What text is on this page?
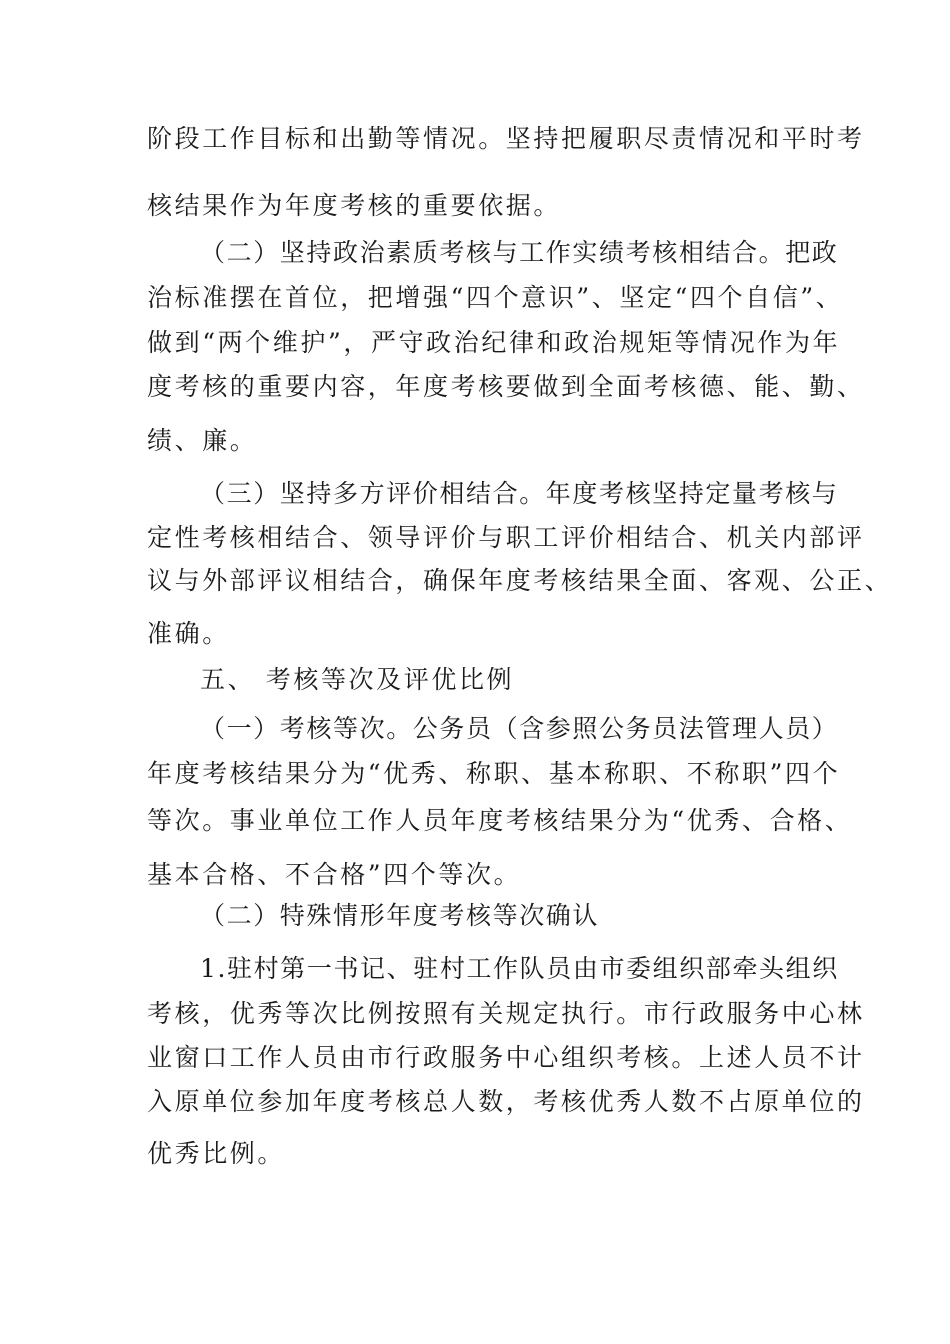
阶段工作目标和出勤等情况。坚持把履职尽责情况和平时考
核结果作为年度考核的重要依据。
（二）坚持政治素质考核与工作实绩考核相结合。把政
治标准摆在首位，把增强“四个意识”、坚定“四个自信”、
做到“两个维护”，严守政治纪律和政治规矩等情况作为年
度考核的重要内容，年度考核要做到全面考核德、能、勤、
绩、廉。
（三）坚持多方评价相结合。年度考核坚持定量考核与
定性考核相结合、领导评价与职工评价相结合、机关内部评
议与外部评议相结合，确保年度考核结果全面、客观、公正、
准确。
五、 考核等次及评优比例
（一）考核等次。公务员（含参照公务员法管理人员）
年度考核结果分为“优秀、称职、基本称职、不称职”四个
等次。事业单位工作人员年度考核结果分为“优秀、合格、
基本合格、不合格”四个等次。
（二）特殊情形年度考核等次确认
1.驻村第一书记、驻村工作队员由市委组织部牵头组织
考核，优秀等次比例按照有关规定执行。市行政服务中心林
业窗口工作人员由市行政服务中心组织考核。上述人员不计
入原单位参加年度考核总人数，考核优秀人数不占原单位的
优秀比例。
